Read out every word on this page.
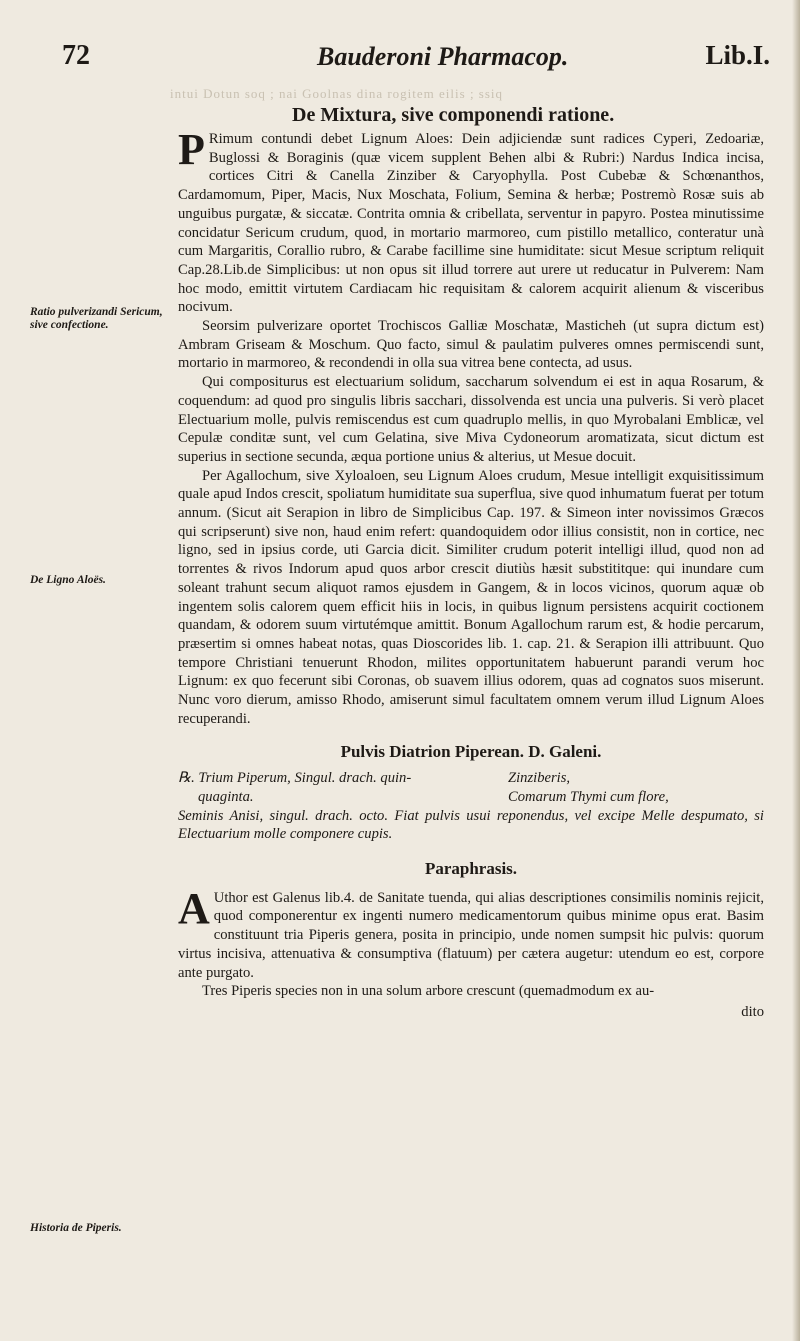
72	Bauderoni Pharmacop.	Lib.I.
intui Dotun soq ; nai Goolnas dina rogitem eilis ; ssiq
De Mixtura, sive componendi ratione.
Ratio pulverizandi Sericum, sive confectione.
De Ligno Aloës.
Historia de Piperis.

P Rimum contundi debet Lignum Aloes: Dein adjiciendæ sunt radices Cyperi, Zedoariæ, Buglossi & Boraginis (quæ vicem supplent Behen albi & Rubri:) Nardus Indica incisa, cortices Citri & Canella Zinziber & Caryophylla. Post Cubebæ & Schœnanthos, Cardamomum, Piper, Macis, Nux Moschata, Folium, Semina & herbæ; Postremò Rosæ suis ab unguibus purgatæ, & siccatæ. Contrita omnia & cribellata, serventur in papyro. Postea minutissime concidatur Sericum crudum, quod, in mortario marmoreo, cum pistillo metallico, conteratur unà cum Margaritis, Corallio rubro, & Carabe facillime sine humiditate: sicut Mesue scriptum reliquit Cap.28.Lib.de Simplicibus: ut non opus sit illud torrere aut urere ut reducatur in Pulverem: Nam hoc modo, emittit virtutem Cardiacam hic requisitam & calorem acquirit alienum & visceribus nocivum.

Seorsim pulverizare oportet Trochiscos Galliæ Moschatæ, Masticheh (ut supra dictum est) Ambram Griseam & Moschum. Quo facto, simul & paulatim pulveres omnes permiscendi sunt, mortario in marmoreo, & recondendi in olla sua vitrea bene contecta, ad usus.

Qui compositurus est electuarium solidum, saccharum solvendum ei est in aqua Rosarum, & coquendum: ad quod pro singulis libris sacchari, dissolvenda est uncia una pulveris. Si verò placet Electuarium molle, pulvis remiscendus est cum quadruplo mellis, in quo Myrobalani Emblicæ, vel Cepulæ conditæ sunt, vel cum Gelatina, sive Miva Cydoneorum aromatizata, sicut dictum est superius in sectione secunda, æqua portione unius & alterius, ut Mesue docuit.

Per Agallochum, sive Xyloaloen, seu Lignum Aloes crudum, Mesue intelligit exquisitissimum quale apud Indos crescit, spoliatum humiditate sua superflua, sive quod inhumatum fuerat per totum annum. (Sicut ait Serapion in libro de Simplicibus Cap. 197. & Simeon inter novissimos Græcos qui scripserunt) sive non, haud enim refert: quandoquidem odor illius consistit, non in cortice, nec ligno, sed in ipsius corde, uti Garcia dicit. Similiter crudum poterit intelligi illud, quod non ad torrentes & rivos Indorum apud quos arbor crescit diutiùs hæsit substititque: qui inundare cum soleant trahunt secum aliquot ramos ejusdem in Gangem, & in locos vicinos, quorum aquæ ob ingentem solis calorem quem efficit hiis in locis, in quibus lignum persistens acquirit coctionem quandam, & odorem suum virtutémque amittit. Bonum Agallochum rarum est, & hodie percarum, præsertim si omnes habeat notas, quas Dioscorides lib. 1. cap. 21. & Serapion illi attribuunt. Quo tempore Christiani tenuerunt Rhodon, milites opportunitatem habuerunt parandi verum hoc Lignum: ex quo fecerunt sibi Coronas, ob suavem illius odorem, quas ad cognatos suos miserunt. Nunc voro dierum, amisso Rhodo, amiserunt simul facultatem omnem verum illud Lignum Aloes recuperandi.

Pulvis Diatrion Piperean. D. Galeni.
℞. Trium Piperum, Singul. drach. quin-	Zinziberis,
quaginta.	Comarum Thymi cum flore,
Seminis Anisi, singul. drach. octo. Fiat pulvis usui reponendus, vel excipe Melle despumato, si Electuarium molle componere cupis.
Paraphrasis.

A Uthor est Galenus lib.4. de Sanitate tuenda, qui alias descriptiones consimilis nominis rejicit, quod componerentur ex ingenti numero medicamentorum quibus minime opus erat. Basim constituunt tria Piperis genera, posita in principio, unde nomen sumpsit hic pulvis: quorum virtus incisiva, attenuativa & consumptiva (flatuum) per cætera augetur: utendum eo est, corpore ante purgato.

Tres Piperis species non in una solum arbore crescunt (quemadmodum ex au-

dito
